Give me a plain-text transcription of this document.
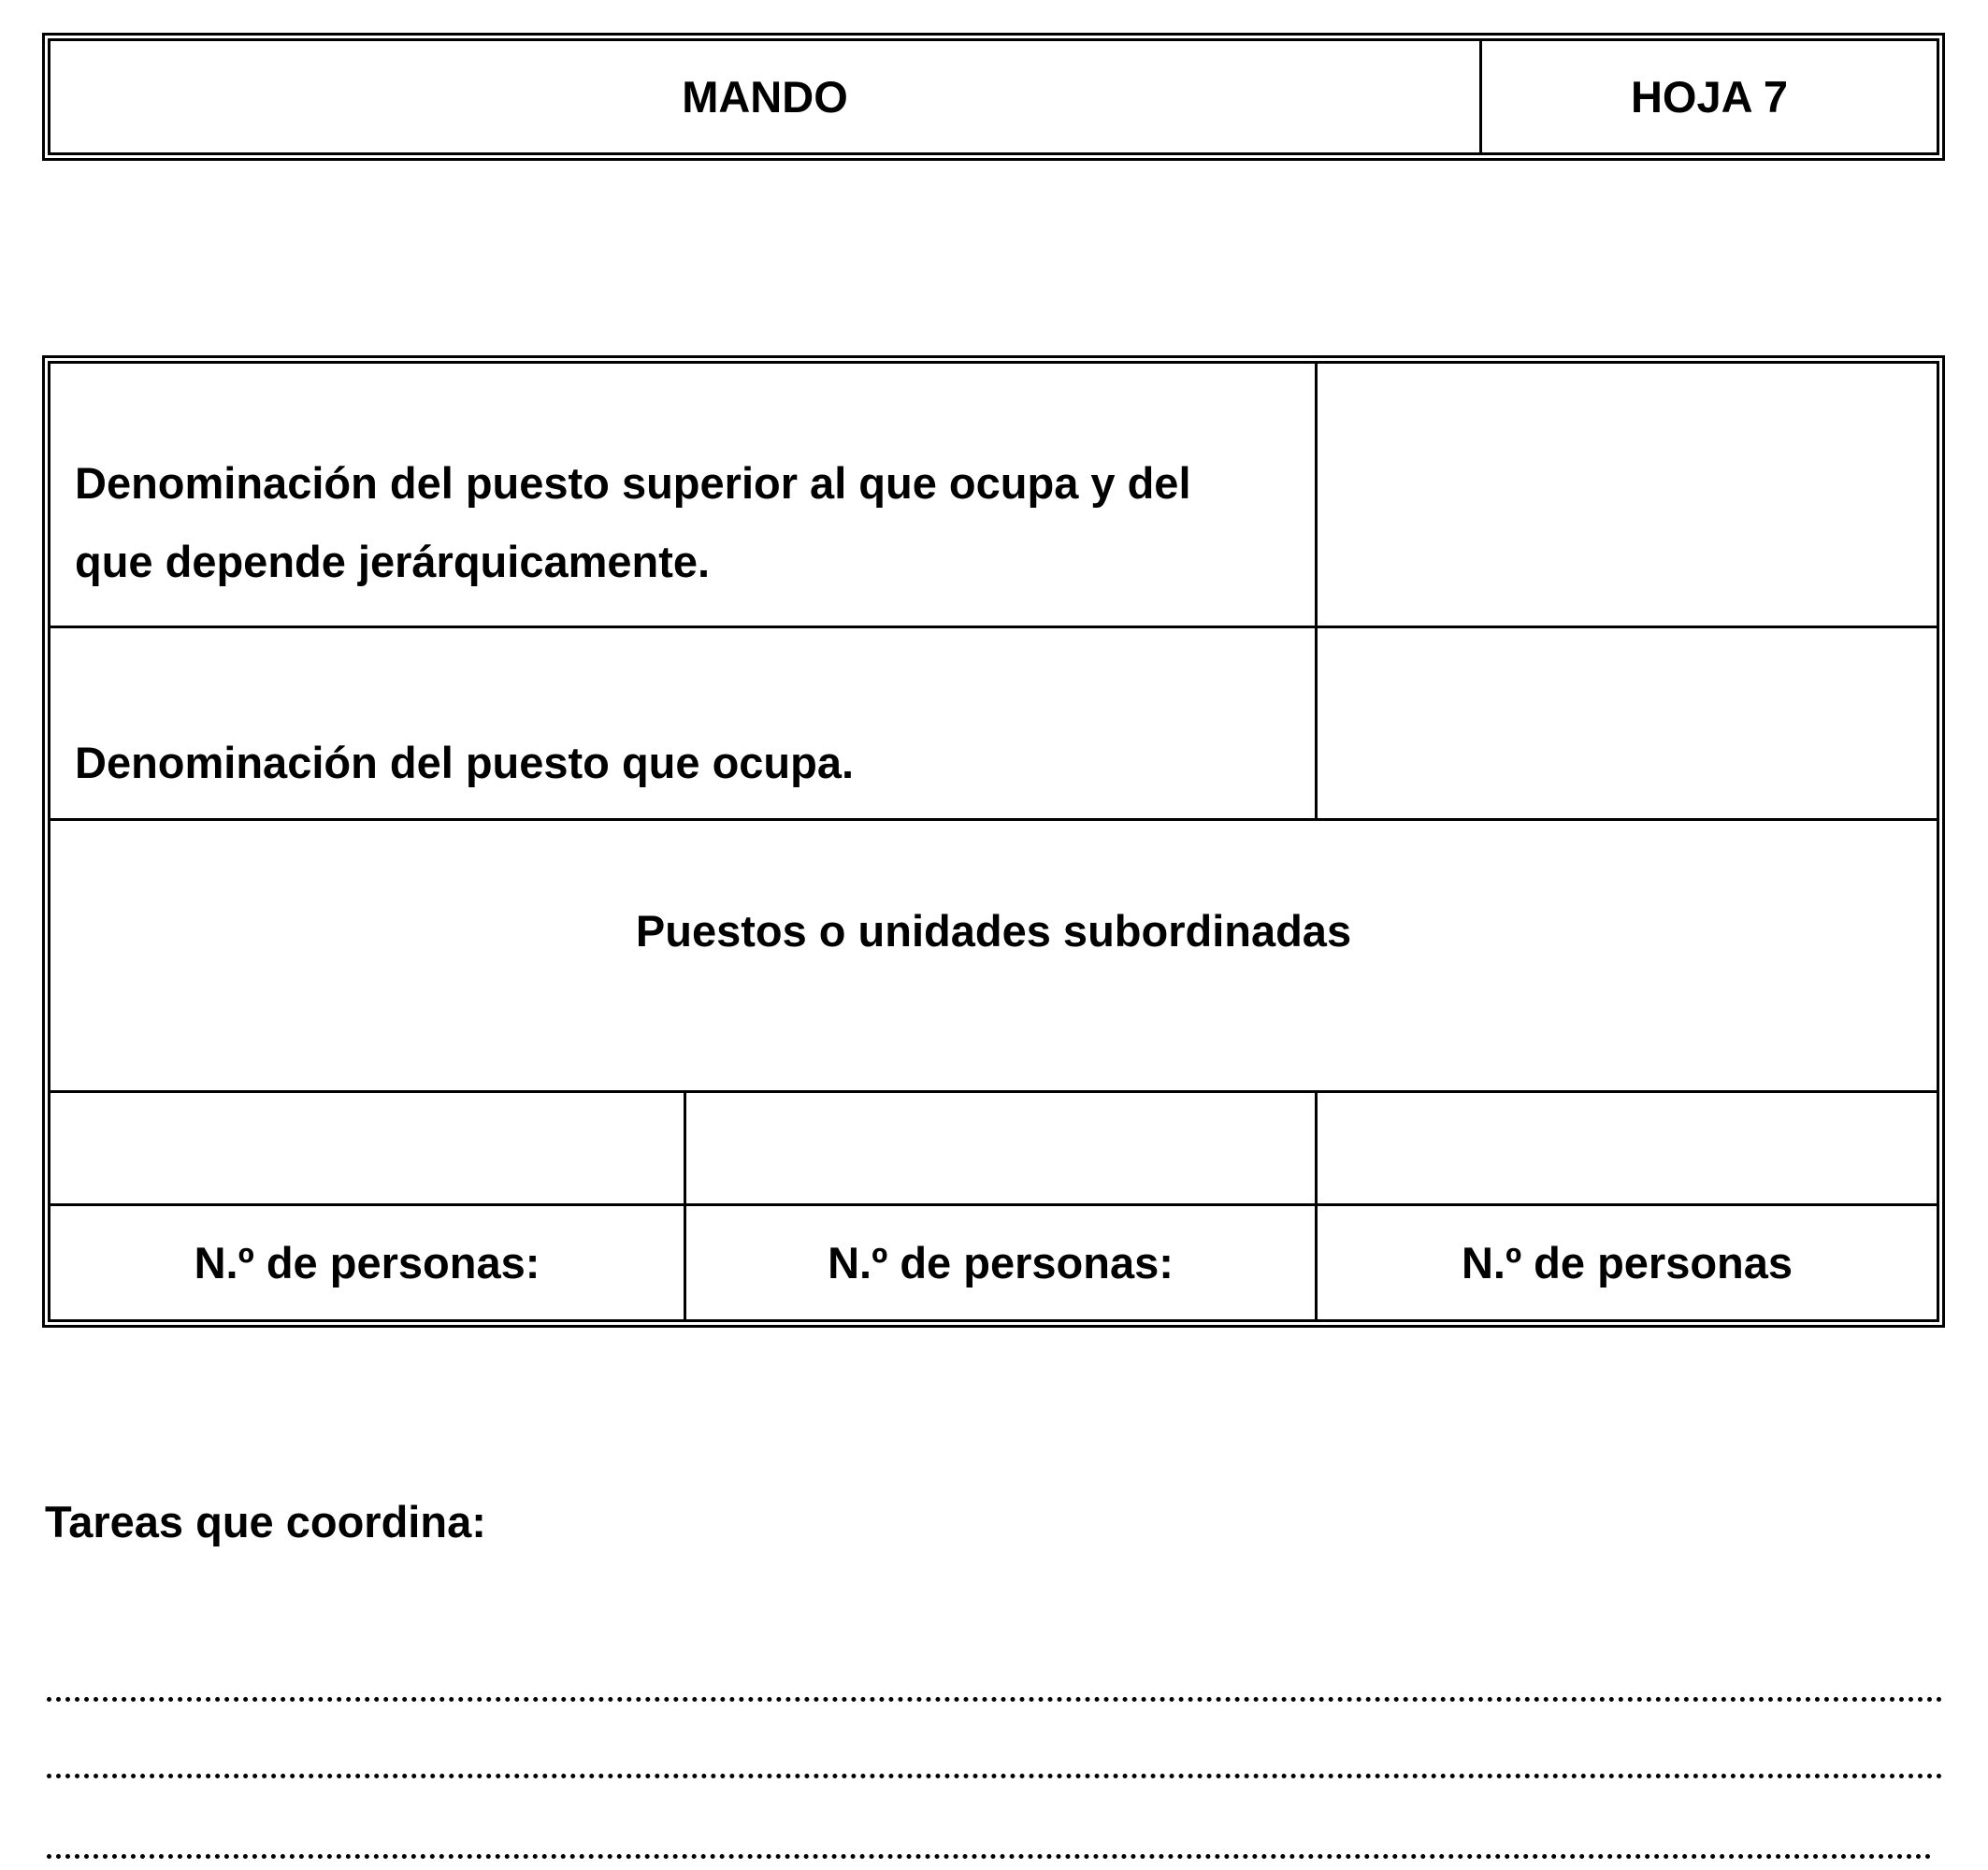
MANDO	HOJA 7
Denominación del puesto superior al que ocupa y del que depende jerárquicamente.
Denominación del puesto que ocupa.
Puestos o unidades subordinadas
N.º de personas:	N.º de personas:	N.º de personas
Tareas que coordina:
